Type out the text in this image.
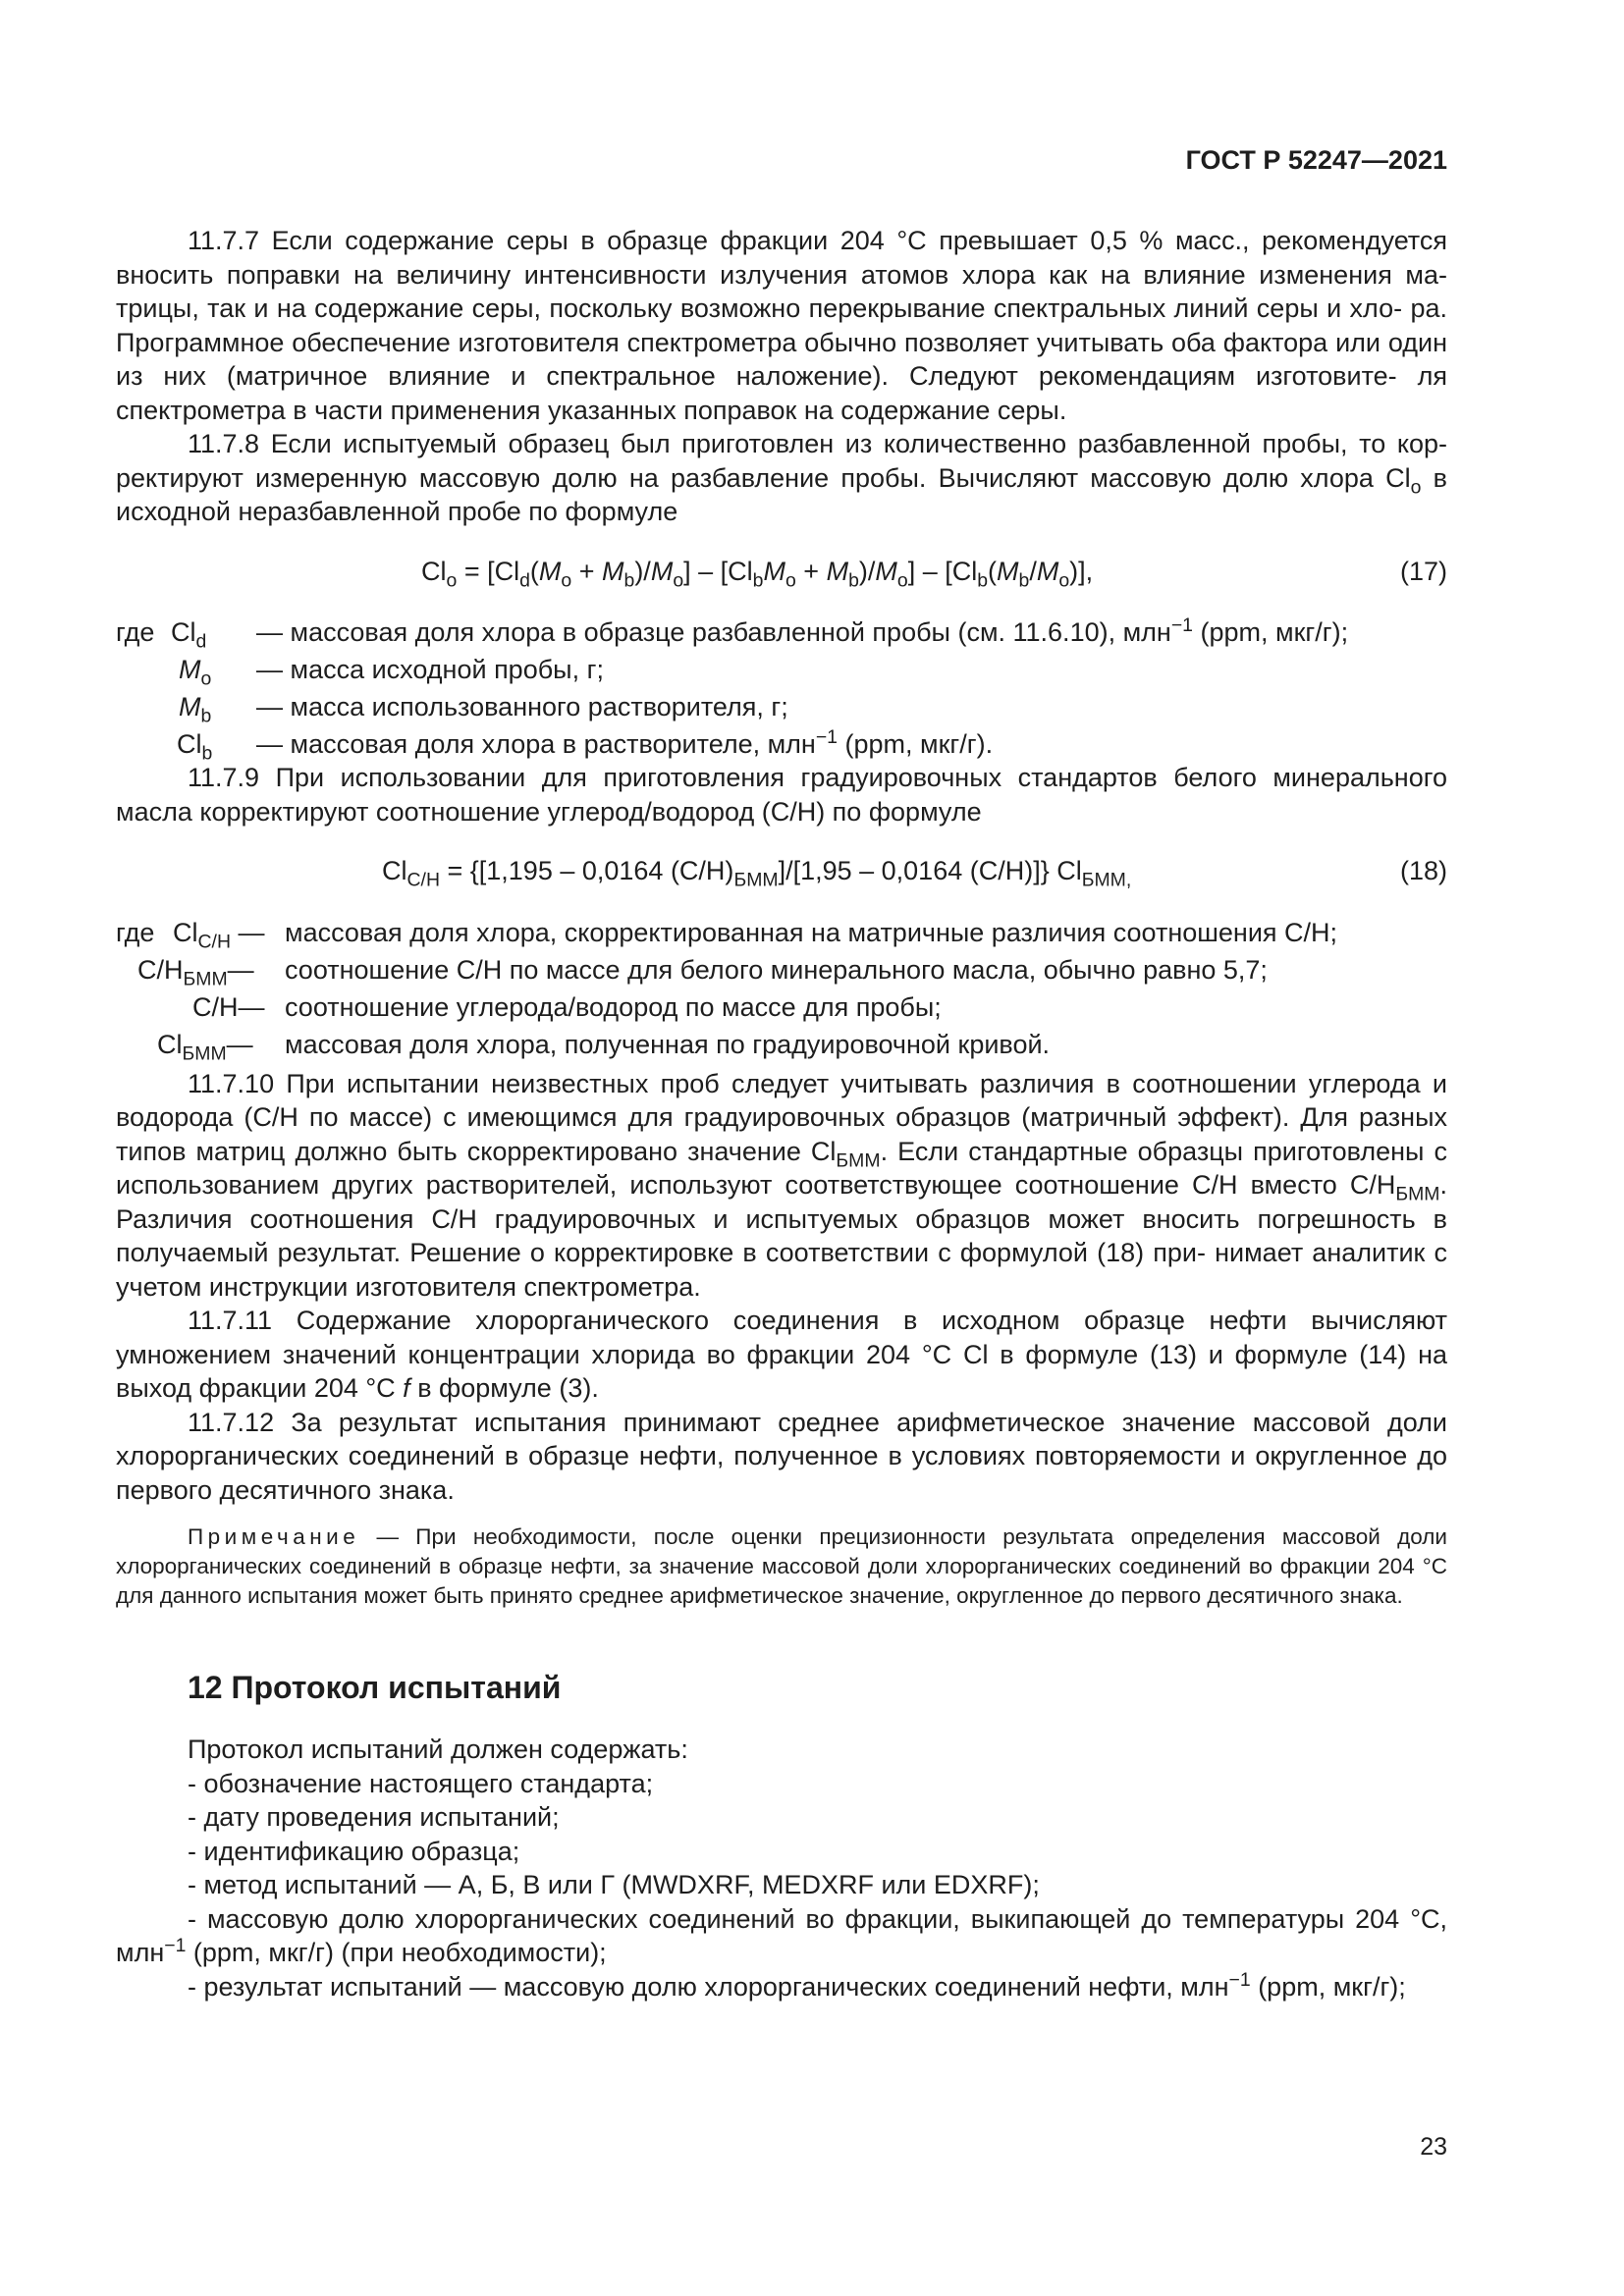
ГОСТ Р 52247—2021

11.7.7 Если содержание серы в образце фракции 204 °С превышает 0,5 % масс., рекомендуется вносить поправки на величину интенсивности излучения атомов хлора как на влияние изменения ма- трицы, так и на содержание серы, поскольку возможно перекрывание спектральных линий серы и хло- ра. Программное обеспечение изготовителя спектрометра обычно позволяет учитывать оба фактора или один из них (матричное влияние и спектральное наложение). Следуют рекомендациям изготовите- ля спектрометра в части применения указанных поправок на содержание серы.

11.7.8 Если испытуемый образец был приготовлен из количественно разбавленной пробы, то кор- ректируют измеренную массовую долю на разбавление пробы. Вычисляют массовую долю хлора $Cl_o$ в исходной неразбавленной пробе по формуле

$Cl_o = [Cl_d(M_o + M_b)/M_o] - [Cl_bM_o + M_b)/M_o] - [Cl_b(M_b/M_o)]$,	(17)
где $Cl_d$ — массовая доля хлора в образце разбавленной пробы (см. 11.6.10), млн$^{-1}$ (ppm, мкг/г);
$M_o$ — масса исходной пробы, г;
$M_b$ — масса использованного растворителя, г;
$Cl_b$ — массовая доля хлора в растворителе, млн$^{-1}$ (ppm, мкг/г).

11.7.9 При использовании для приготовления градуировочных стандартов белого минерального масла корректируют соотношение углерод/водород (С/Н) по формуле

$Cl_{C/H} = \{[1,195 - 0,0164$ $(С/Н)_{БММ}]/[1,95 - 0,0164$ (С/Н)]} $Cl_{БММ,}$	(18)
где $Cl_{C/H}$ — массовая доля хлора, скорректированная на матричные различия соотношения С/Н;
$С/Н_{БММ}—$ соотношение С/Н по массе для белого минерального масла, обычно равно 5,7;
С/Н— соотношение углерода/водород по массе для пробы;
$Cl_{БММ}—$ массовая доля хлора, полученная по градуировочной кривой.

11.7.10 При испытании неизвестных проб следует учитывать различия в соотношении углерода и водорода (С/Н по массе) с имеющимся для градуировочных образцов (матричный эффект). Для разных типов матриц должно быть скорректировано значение $Cl_{БММ}$. Если стандартные образцы приготовлены с использованием других растворителей, используют соответствующее соотношение С/Н вместо $С/Н_{БММ}$. Различия соотношения С/Н градуировочных и испытуемых образцов может вносить погрешность в получаемый результат. Решение о корректировке в соответствии с формулой (18) при- нимает аналитик с учетом инструкции изготовителя спектрометра.

11.7.11 Содержание хлорорганического соединения в исходном образце нефти вычисляют умножением значений концентрации хлорида во фракции 204 °С Cl в формуле (13) и формуле (14) на выход фракции 204 °С f в формуле (3).

11.7.12 За результат испытания принимают среднее арифметическое значение массовой доли хлорорганических соединений в образце нефти, полученное в условиях повторяемости и округленное до первого десятичного знака.

Примечание — При необходимости, после оценки прецизионности результата определения массовой доли хлорорганических соединений в образце нефти, за значение массовой доли хлорорганических соединений во фракции 204 °С для данного испытания может быть принято среднее арифметическое значение, округленное до первого десятичного знака.
12 Протокол испытаний

Протокол испытаний должен содержать:

- обозначение настоящего стандарта;

- дату проведения испытаний;

- идентификацию образца;

- метод испытаний — А, Б, В или Г (MWDXRF, MEDXRF или EDXRF);

- массовую долю хлорорганических соединений во фракции, выкипающей до температуры 204 °С, млн$^{-1}$ (ppm, мкг/г) (при необходимости);

- результат испытаний — массовую долю хлорорганических соединений нефти, млн$^{-1}$ (ppm, мкг/г);

23
